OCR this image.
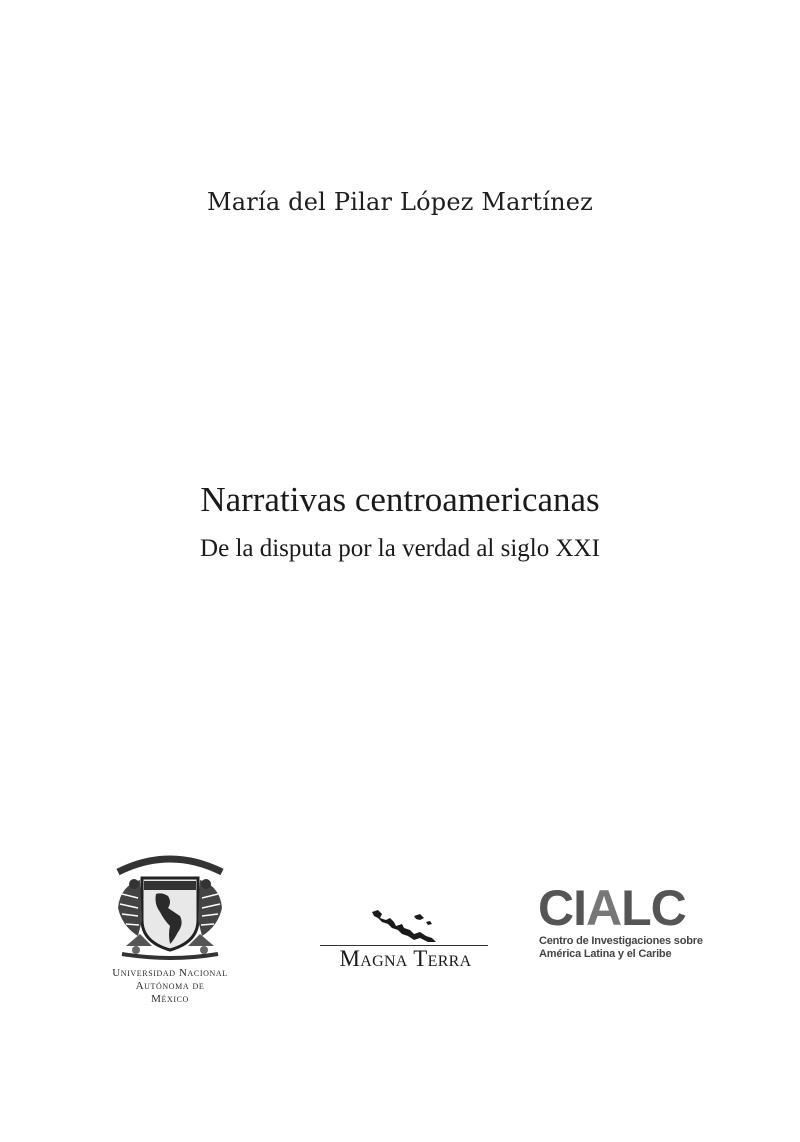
María del Pilar López Martínez
Narrativas centroamericanas
De la disputa por la verdad al siglo XXI
Universidad Nacional
Autónoma de
México
Magna Terra
CIALC
Centro de Investigaciones sobre
América Latina y el Caribe
